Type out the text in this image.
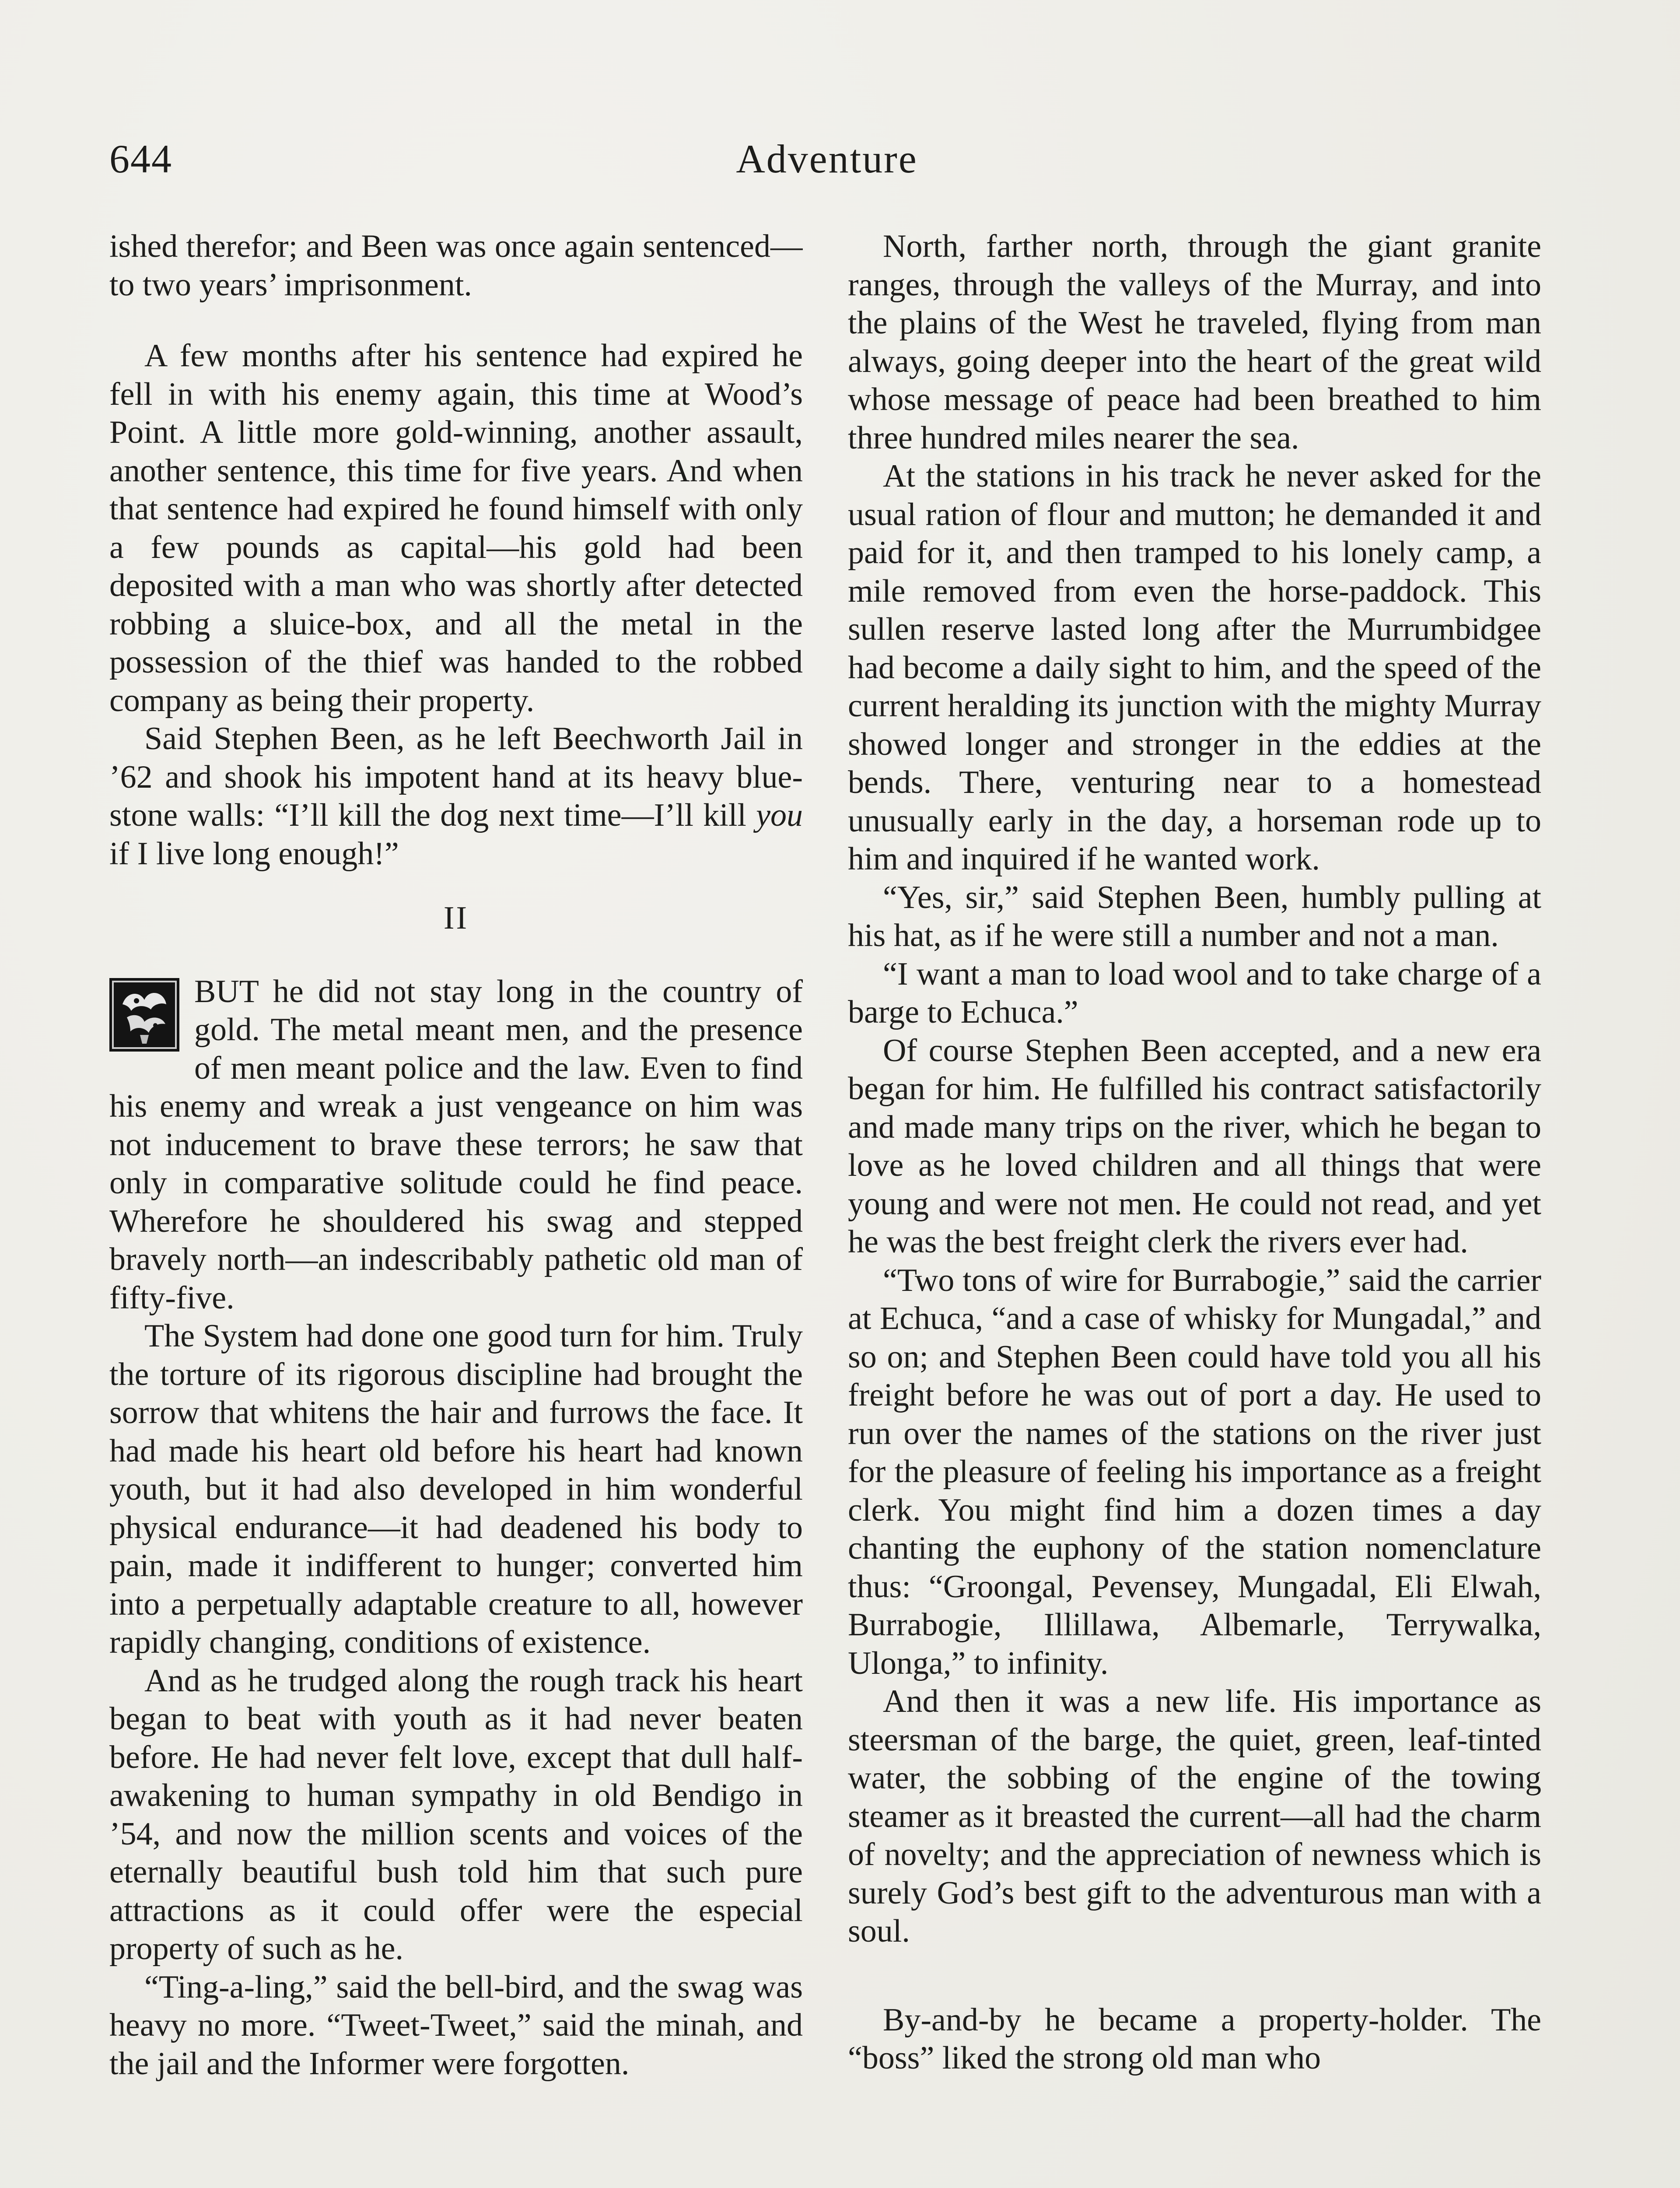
644	Adventure

ished therefor; and Been was once again sentenced—to two years’ imprisonment.

A few months after his sentence had expired he fell in with his enemy again, this time at Wood’s Point. A little more gold-winning, another assault, another sentence, this time for five years. And when that sentence had expired he found himself with only a few pounds as capital—his gold had been deposited with a man who was shortly after detected robbing a sluice-box, and all the metal in the possession of the thief was handed to the robbed company as being their property.

Said Stephen Been, as he left Beechworth Jail in ’62 and shook his impotent hand at its heavy blue-stone walls: “I’ll kill the dog next time—I’ll kill you if I live long enough!”

II

BUT he did not stay long in the country of gold. The metal meant men, and the presence of men meant police and the law. Even to find his enemy and wreak a just vengeance on him was not inducement to brave these terrors; he saw that only in comparative solitude could he find peace. Wherefore he shouldered his swag and stepped bravely north—an indescribably pathetic old man of fifty-five.

The System had done one good turn for him. Truly the torture of its rigorous discipline had brought the sorrow that whitens the hair and furrows the face. It had made his heart old before his heart had known youth, but it had also developed in him wonderful physical endurance—it had deadened his body to pain, made it indifferent to hunger; converted him into a perpetually adaptable creature to all, however rapidly changing, conditions of existence.

And as he trudged along the rough track his heart began to beat with youth as it had never beaten before. He had never felt love, except that dull half-awakening to human sympathy in old Bendigo in ’54, and now the million scents and voices of the eternally beautiful bush told him that such pure attractions as it could offer were the especial property of such as he.

“Ting-a-ling,” said the bell-bird, and the swag was heavy no more. “Tweet-Tweet,” said the minah, and the jail and the Informer were forgotten.

North, farther north, through the giant granite ranges, through the valleys of the Murray, and into the plains of the West he traveled, flying from man always, going deeper into the heart of the great wild whose message of peace had been breathed to him three hundred miles nearer the sea.

At the stations in his track he never asked for the usual ration of flour and mutton; he demanded it and paid for it, and then tramped to his lonely camp, a mile removed from even the horse-paddock. This sullen reserve lasted long after the Murrumbidgee had become a daily sight to him, and the speed of the current heralding its junction with the mighty Murray showed longer and stronger in the eddies at the bends. There, venturing near to a homestead unusually early in the day, a horseman rode up to him and inquired if he wanted work.

“Yes, sir,” said Stephen Been, humbly pulling at his hat, as if he were still a number and not a man.

“I want a man to load wool and to take charge of a barge to Echuca.”

Of course Stephen Been accepted, and a new era began for him. He fulfilled his contract satisfactorily and made many trips on the river, which he began to love as he loved children and all things that were young and were not men. He could not read, and yet he was the best freight clerk the rivers ever had.

“Two tons of wire for Burrabogie,” said the carrier at Echuca, “and a case of whisky for Mungadal,” and so on; and Stephen Been could have told you all his freight before he was out of port a day. He used to run over the names of the stations on the river just for the pleasure of feeling his importance as a freight clerk. You might find him a dozen times a day chanting the euphony of the station nomenclature thus: “Groongal, Pevensey, Mungadal, Eli Elwah, Burrabogie, Illillawa, Albemarle, Terrywalka, Ulonga,” to infinity.

And then it was a new life. His importance as steersman of the barge, the quiet, green, leaf-tinted water, the sobbing of the engine of the towing steamer as it breasted the current—all had the charm of novelty; and the appreciation of newness which is surely God’s best gift to the adventurous man with a soul.

By-and-by he became a property-holder. The “boss” liked the strong old man who
